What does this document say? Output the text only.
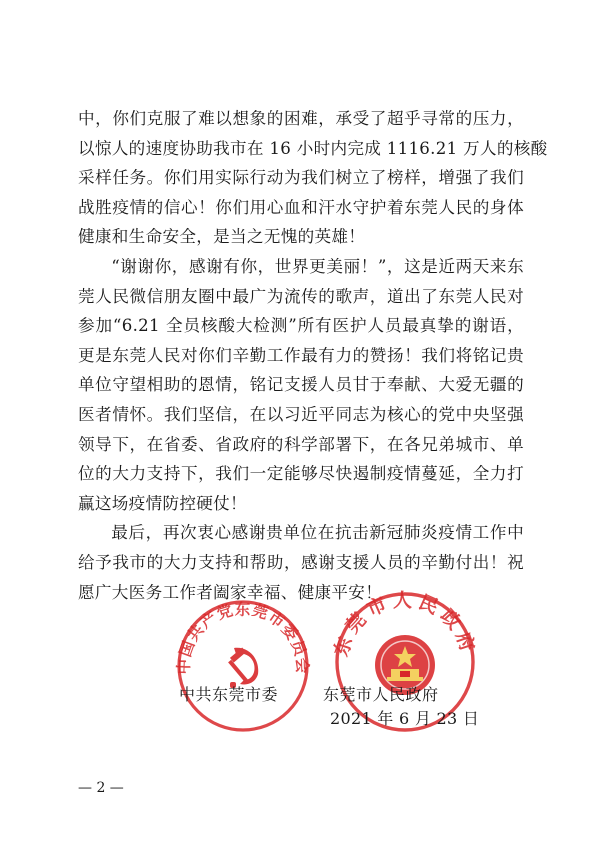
中，你们克服了难以想象的困难，承受了超乎寻常的压力，
以惊人的速度协助我市在 16 小时内完成 1116.21 万人的核酸
采样任务。你们用实际行动为我们树立了榜样，增强了我们
战胜疫情的信心！你们用心血和汗水守护着东莞人民的身体
健康和生命安全，是当之无愧的英雄！
“谢谢你，感谢有你，世界更美丽！”，这是近两天来东
莞人民微信朋友圈中最广为流传的歌声，道出了东莞人民对
参加“6.21 全员核酸大检测”所有医护人员最真挚的谢语，
更是东莞人民对你们辛勤工作最有力的赞扬！我们将铭记贵
单位守望相助的恩情，铭记支援人员甘于奉献、大爱无疆的
医者情怀。我们坚信，在以习近平同志为核心的党中央坚强
领导下，在省委、省政府的科学部署下，在各兄弟城市、单
位的大力支持下，我们一定能够尽快遏制疫情蔓延，全力打
赢这场疫情防控硬仗！
最后，再次衷心感谢贵单位在抗击新冠肺炎疫情工作中
给予我市的大力支持和帮助，感谢支援人员的辛勤付出！祝
愿广大医务工作者阖家幸福、健康平安！
中国共产党东莞市委员会
东莞市人民政府
中共东莞市委	东莞市人民政府
2021 年 6 月 23 日
— 2 —
